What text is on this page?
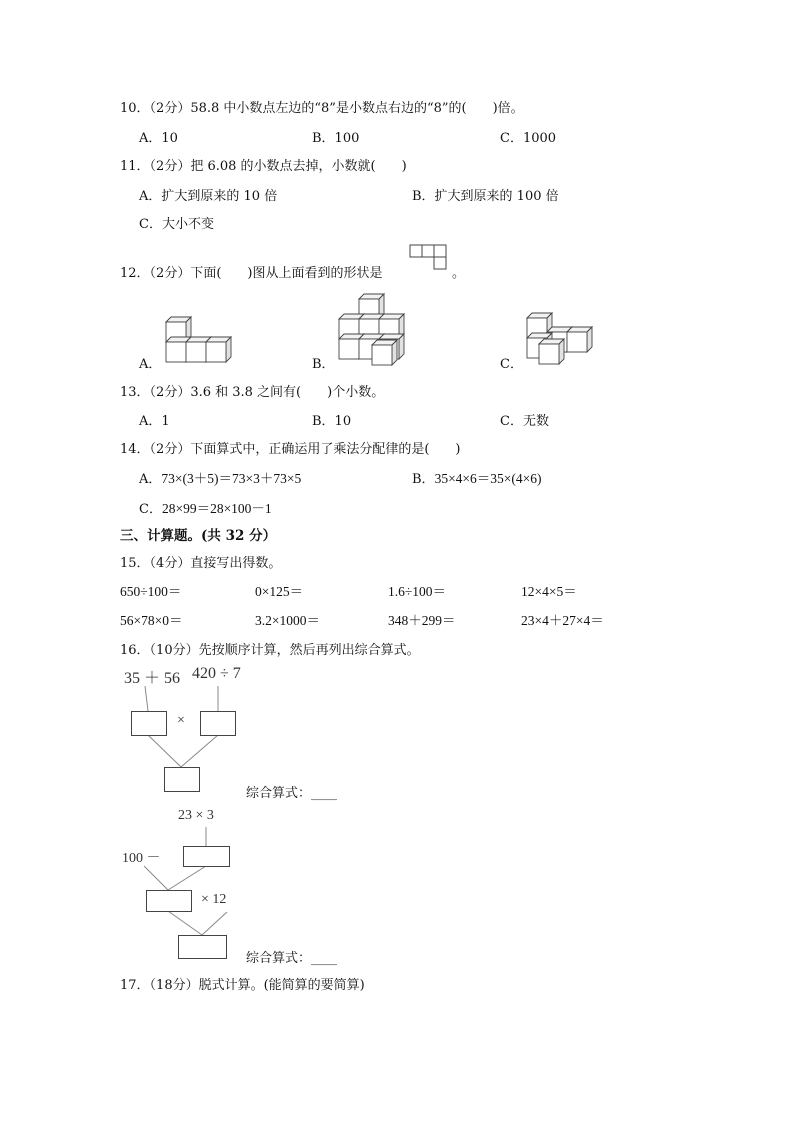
10．（2分）58.8 中小数点左边的“8”是小数点右边的“8”的(　　)倍。
A．10	B．100	C．1000
11．（2分）把 6.08 的小数点去掉，小数就(　　)
A．扩大到原来的 10 倍	B．扩大到原来的 100 倍
C．大小不变
12．（2分）下面(　　)图从上面看到的形状是	。
A．	B．	C．
13．（2分）3.6 和 3.8 之间有(　　)个小数。
A．1	B．10	C．无数
14．（2分）下面算式中，正确运用了乘法分配律的是(　　)
A．73×(3＋5)＝73×3＋73×5	B．35×4×6＝35×(4×6)
C．28×99＝28×100－1
三、计算题。(共 32 分）
15．（4分）直接写出得数。
650÷100＝	0×125＝	1.6÷100＝	12×4×5＝
56×78×0＝	3.2×1000＝	348＋299＝	23×4＋27×4＝
16．（10分）先按顺序计算，然后再列出综合算式。
35 ＋ 56 420 ÷ 7
×
综合算式：____
23 × 3
100 －
× 12
综合算式：____
17．（18分）脱式计算。(能简算的要简算)
